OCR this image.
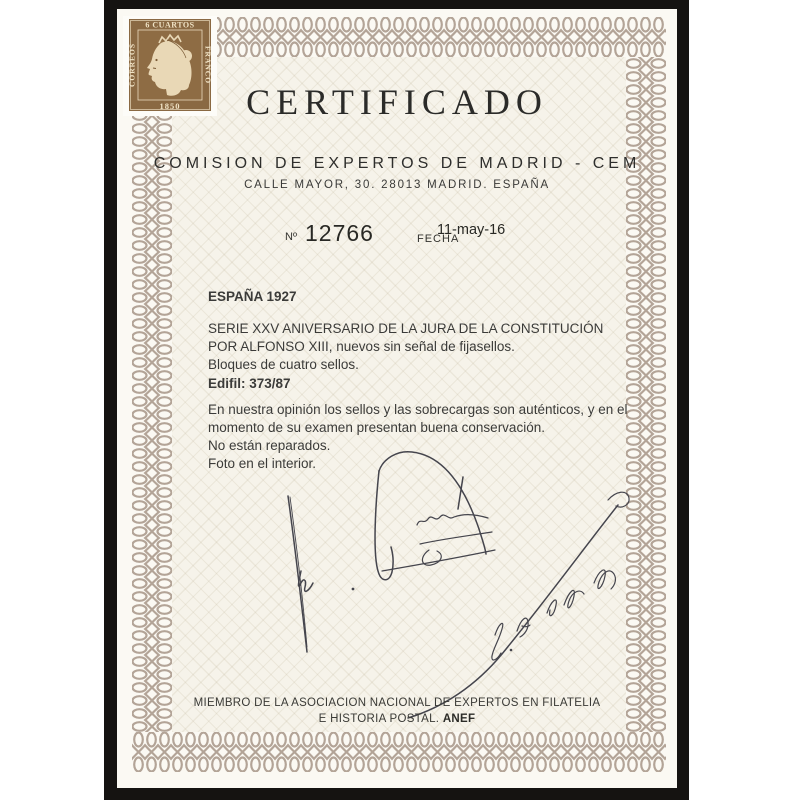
6 CUARTOS
1850
CORREOS	FRANCO
CERTIFICADO
COMISION DE EXPERTOS DE MADRID - CEM
CALLE MAYOR, 30. 28013 MADRID. ESPAÑA
Nº 12766	FECHA
11-may-16
ESPAÑA 1927
SERIE XXV ANIVERSARIO DE LA JURA DE LA CONSTITUCIÓN
POR ALFONSO XIII, nuevos sin señal de fijasellos.
Bloques de cuatro sellos.
Edifil: 373/87
En nuestra opinión los sellos y las sobrecargas son auténticos, y en el
momento de su examen presentan buena conservación.
No están reparados.
Foto en el interior.
MIEMBRO DE LA ASOCIACION NACIONAL DE EXPERTOS EN FILATELIA
E HISTORIA POSTAL. ANEF
